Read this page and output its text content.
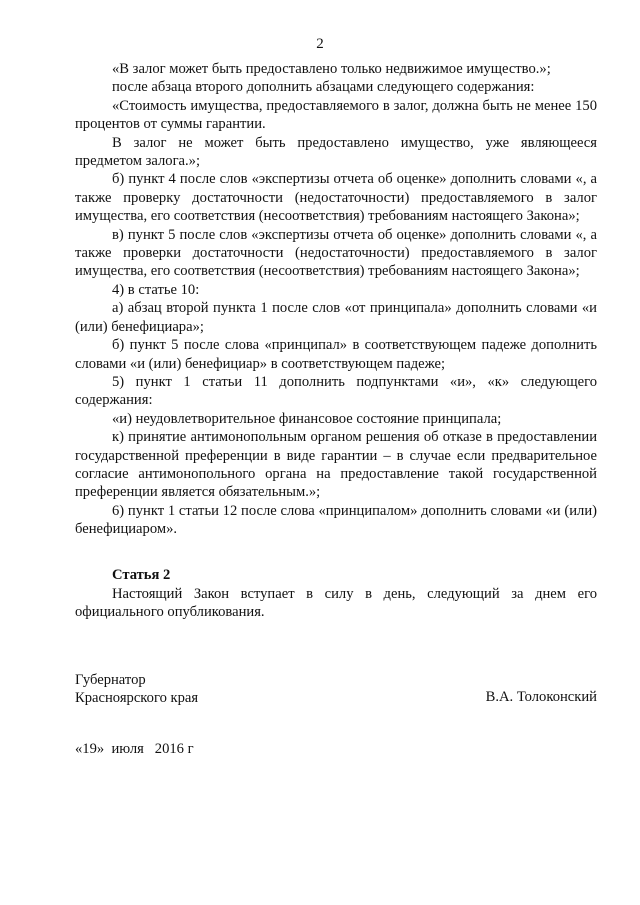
2

«В залог может быть предоставлено только недвижимое имущество.»;

после абзаца второго дополнить абзацами следующего содержания:

«Стоимость имущества, предоставляемого в залог, должна быть не менее 150 процентов от суммы гарантии.

В залог не может быть предоставлено имущество, уже являющееся предметом залога.»;

б) пункт 4 после слов «экспертизы отчета об оценке» дополнить словами «, а также проверку достаточности (недостаточности) предоставляемого в залог имущества, его соответствия (несоответствия) требованиям настоящего Закона»;

в) пункт 5 после слов «экспертизы отчета об оценке» дополнить словами «, а также проверки достаточности (недостаточности) предоставляемого в залог имущества, его соответствия (несоответствия) требованиям настоящего Закона»;

4) в статье 10:

а) абзац второй пункта 1 после слов «от принципала» дополнить словами «и (или) бенефициара»;

б) пункт 5 после слова «принципал» в соответствующем падеже дополнить словами «и (или) бенефициар» в соответствующем падеже;

5) пункт 1 статьи 11 дополнить подпунктами «и», «к» следующего содержания:

«и) неудовлетворительное финансовое состояние принципала;

к) принятие антимонопольным органом решения об отказе в предоставлении государственной преференции в виде гарантии – в случае если предварительное согласие антимонопольного органа на предоставление такой государственной преференции является обязательным.»;

6) пункт 1 статьи 12 после слова «принципалом» дополнить словами «и (или) бенефициаром».

Статья 2

Настоящий Закон вступает в силу в день, следующий за днем его официального опубликования.

Губернатор
Красноярского края	В.А. Толоконский
«19»  июля   2016 г
